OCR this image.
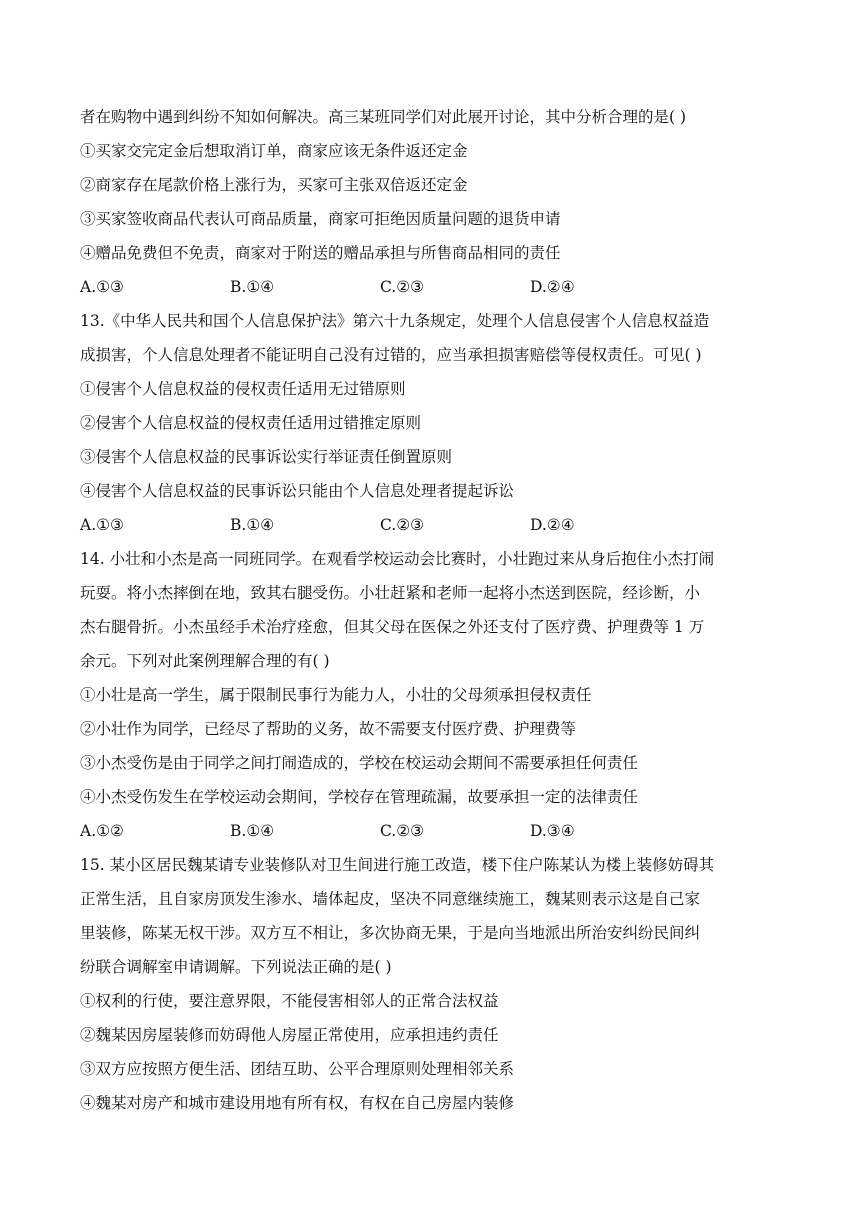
者在购物中遇到纠纷不知如何解决。高三某班同学们对此展开讨论，其中分析合理的是( )
①买家交完定金后想取消订单，商家应该无条件返还定金
②商家存在尾款价格上涨行为，买家可主张双倍返还定金
③买家签收商品代表认可商品质量，商家可拒绝因质量问题的退货申请
④赠品免费但不免责，商家对于附送的赠品承担与所售商品相同的责任
A.①③	B.①④	C.②③	D.②④
13.《中华人民共和国个人信息保护法》第六十九条规定，处理个人信息侵害个人信息权益造
成损害，个人信息处理者不能证明自己没有过错的，应当承担损害赔偿等侵权责任。可见( )
①侵害个人信息权益的侵权责任适用无过错原则
②侵害个人信息权益的侵权责任适用过错推定原则
③侵害个人信息权益的民事诉讼实行举证责任倒置原则
④侵害个人信息权益的民事诉讼只能由个人信息处理者提起诉讼
A.①③	B.①④	C.②③	D.②④
14. 小壮和小杰是高一同班同学。在观看学校运动会比赛时，小壮跑过来从身后抱住小杰打闹
玩耍。将小杰摔倒在地，致其右腿受伤。小壮赶紧和老师一起将小杰送到医院，经诊断，小
杰右腿骨折。小杰虽经手术治疗痊愈，但其父母在医保之外还支付了医疗费、护理费等 1 万
余元。下列对此案例理解合理的有( )
①小壮是高一学生，属于限制民事行为能力人，小壮的父母须承担侵权责任
②小壮作为同学，已经尽了帮助的义务，故不需要支付医疗费、护理费等
③小杰受伤是由于同学之间打闹造成的，学校在校运动会期间不需要承担任何责任
④小杰受伤发生在学校运动会期间，学校存在管理疏漏，故要承担一定的法律责任
A.①②	B.①④	C.②③	D.③④
15. 某小区居民魏某请专业装修队对卫生间进行施工改造，楼下住户陈某认为楼上装修妨碍其
正常生活，且自家房顶发生渗水、墙体起皮，坚决不同意继续施工，魏某则表示这是自己家
里装修，陈某无权干涉。双方互不相让，多次协商无果，于是向当地派出所治安纠纷民间纠
纷联合调解室申请调解。下列说法正确的是( )
①权利的行使，要注意界限，不能侵害相邻人的正常合法权益
②魏某因房屋装修而妨碍他人房屋正常使用，应承担违约责任
③双方应按照方便生活、团结互助、公平合理原则处理相邻关系
④魏某对房产和城市建设用地有所有权，有权在自己房屋内装修
